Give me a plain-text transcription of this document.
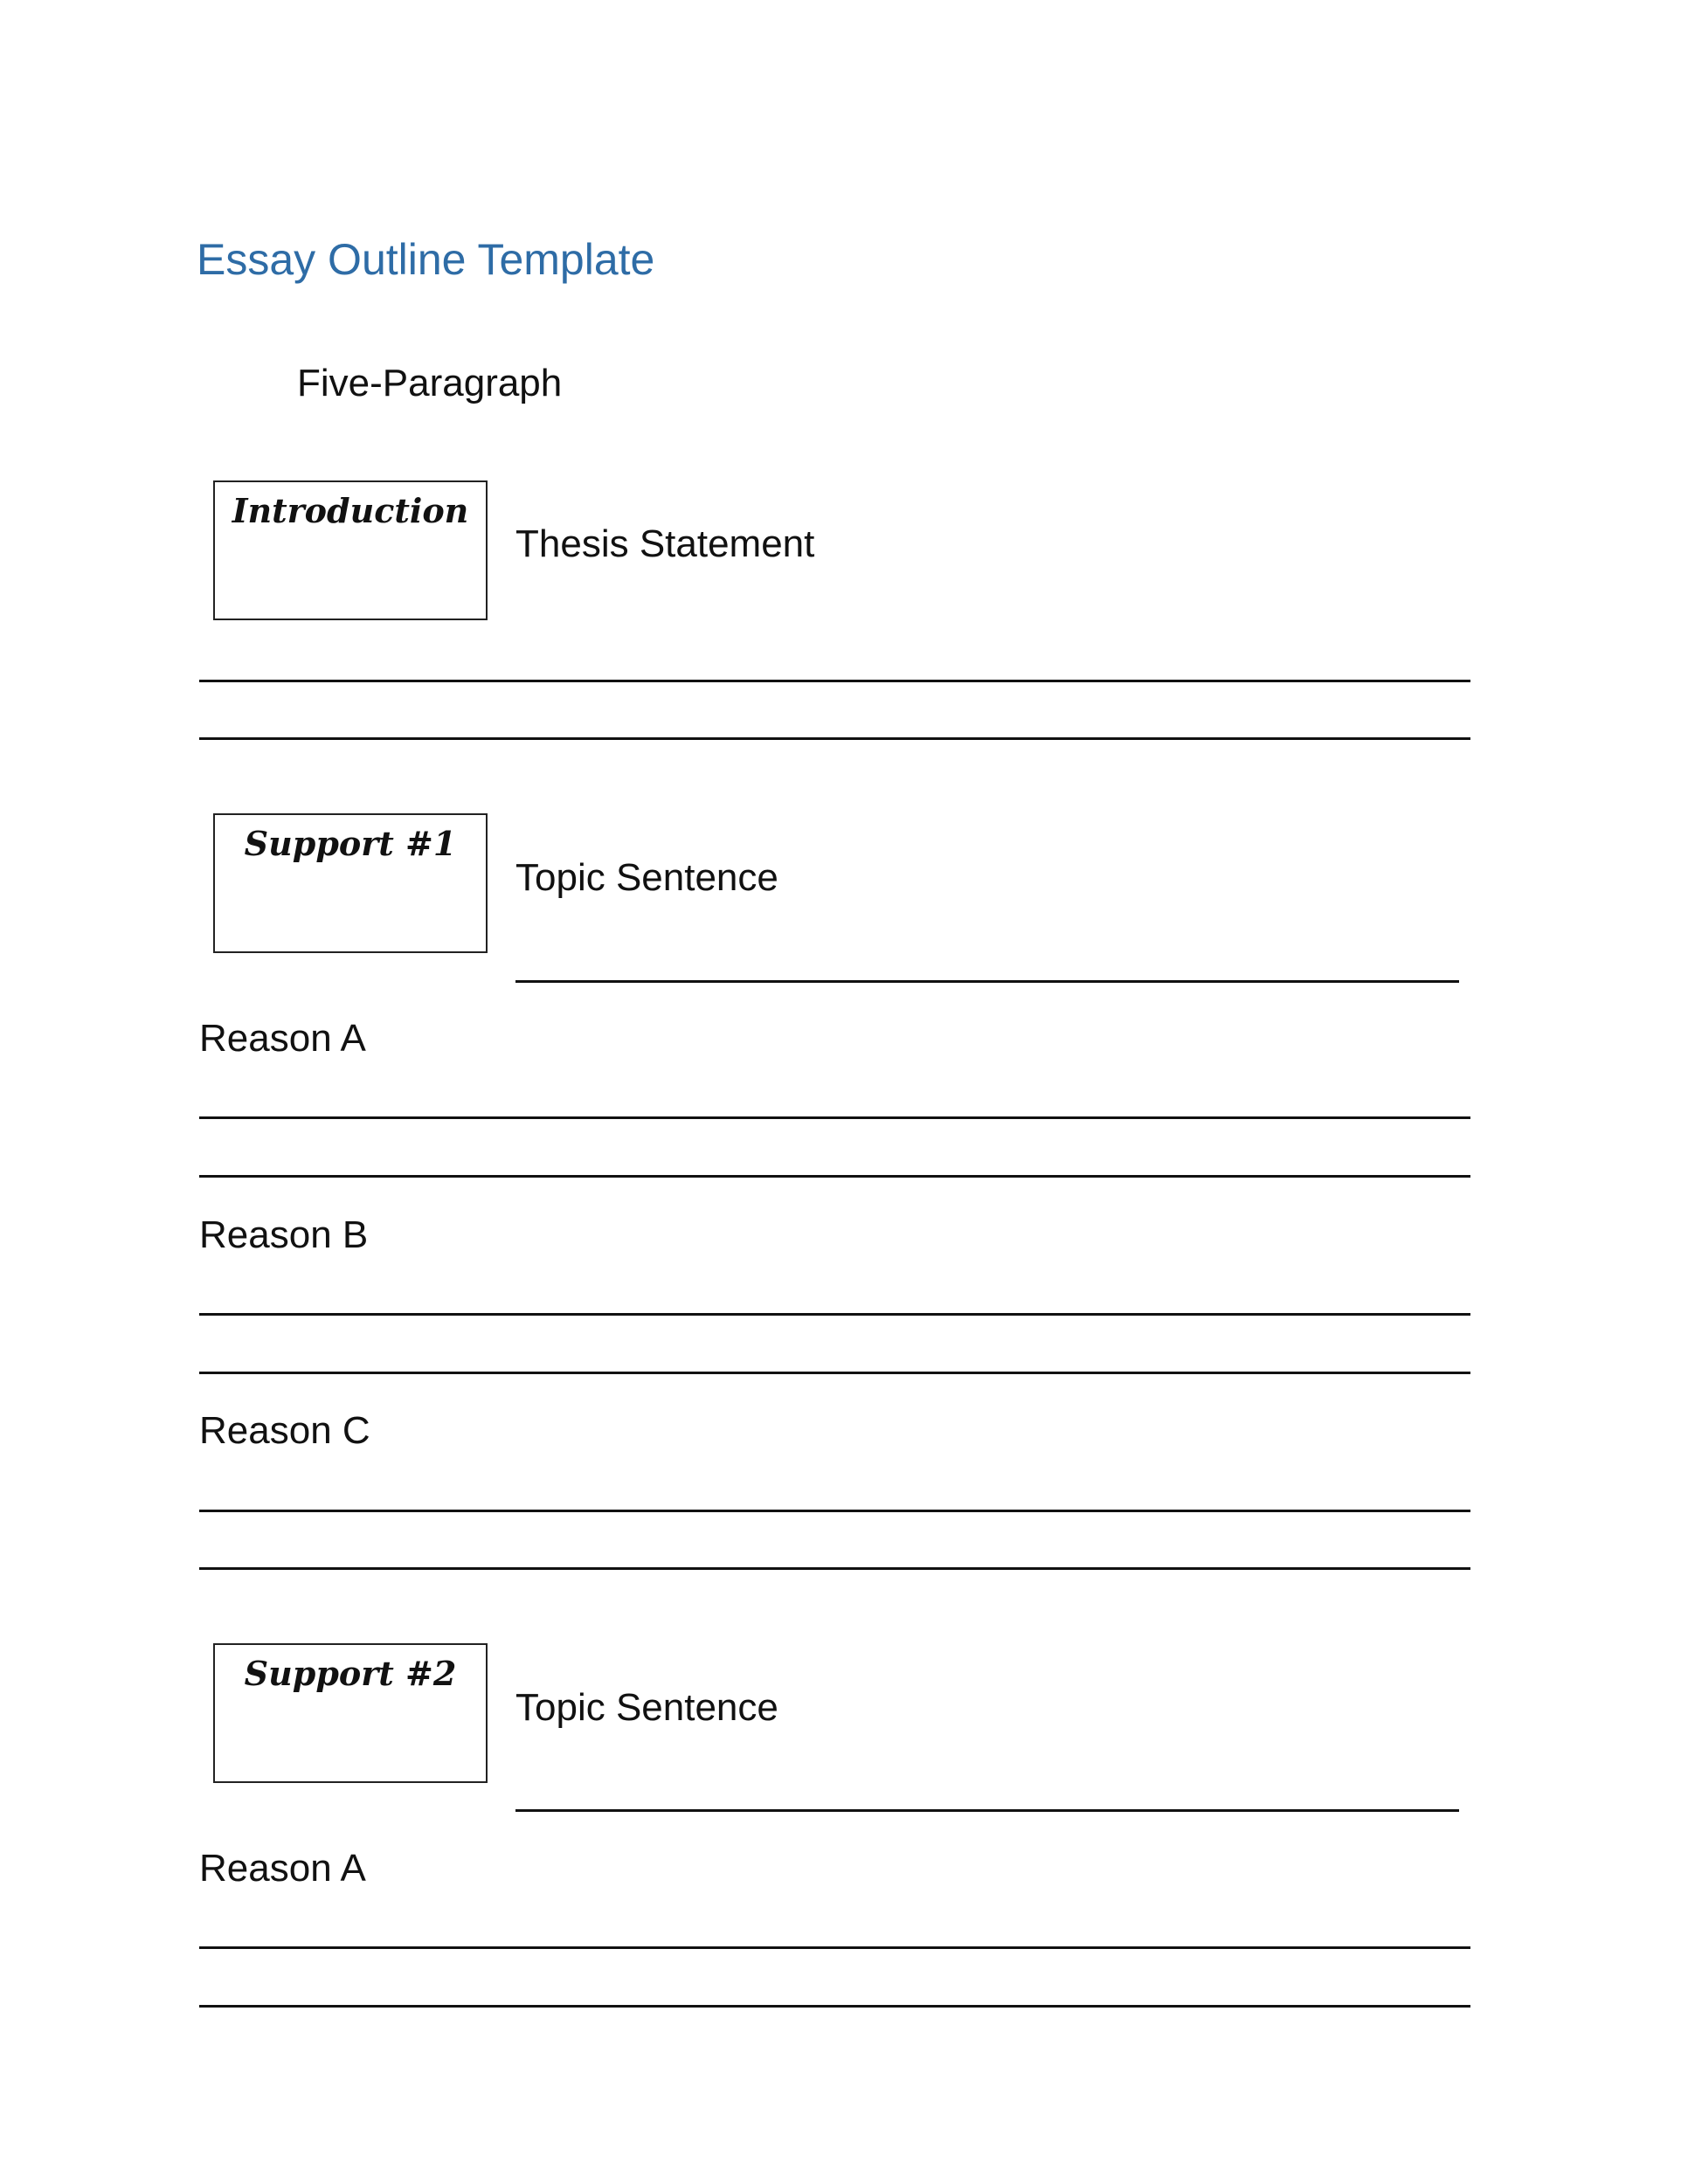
Essay Outline Template
Five-Paragraph
Introduction
Thesis Statement
Support #1
Topic Sentence
Reason A
Reason B
Reason C
Support #2
Topic Sentence
Reason A
